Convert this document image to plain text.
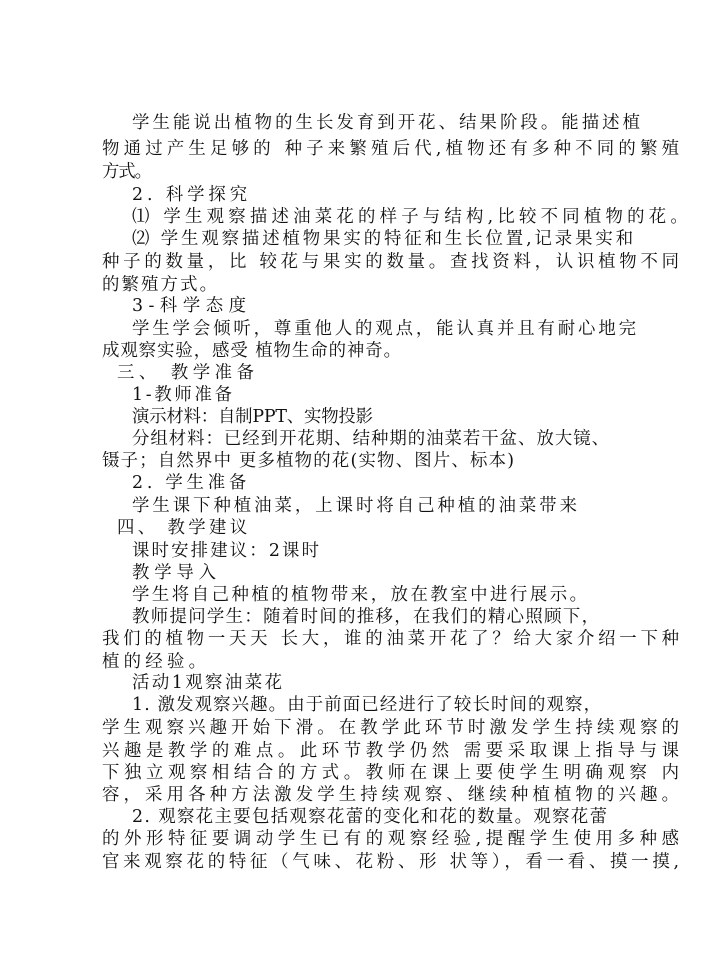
学生能说出植物的生长发育到开花、结果阶段。能描述植
物通过产生足够的 种子来繁殖后代,植物还有多种不同的繁殖
方式。
2. 科学探究
⑴ 学生观察描述油菜花的样子与结构,比较不同植物的花。
⑵ 学生观察描述植物果实的特征和生长位置,记录果实和
种子的数量，比 较花与果实的数量。查找资料，认识植物不同
的繁殖方式。
3-科学态度
学生学会倾听，尊重他人的观点，能认真并且有耐心地完
成观察实验，感受 植物生命的神奇。
三、 教学准备
1-教师准备
演示材料：自制PPT、实物投影
分组材料：已经到开花期、结种期的油菜若干盆、放大镜、
镊子；自然界中 更多植物的花(实物、图片、标本)
2. 学生准备
学生课下种植油菜，上课时将自己种植的油菜带来
四、 教学建议
课时安排建议：2课时
教学导入
学生将自己种植的植物带来，放在教室中进行展示。
教师提问学生：随着时间的推移，在我们的精心照顾下，
我们的植物一天天 长大，谁的油菜开花了？给大家介绍一下种
植的经验。
活动1观察油菜花
1. 激发观察兴趣。由于前面已经进行了较长时间的观察，
学生观察兴趣开始下滑。在教学此环节时激发学生持续观察的
兴趣是教学的难点。此环节教学仍然 需要采取课上指导与课
下独立观察相结合的方式。教师在课上要使学生明确观察 内
容，采用各种方法激发学生持续观察、继续种植植物的兴趣。
2. 观察花主要包括观察花蕾的变化和花的数量。观察花蕾
的外形特征要调动学生已有的观察经验,提醒学生使用多种感
官来观察花的特征（气味、花粉、形 状等），看一看、摸一摸,
